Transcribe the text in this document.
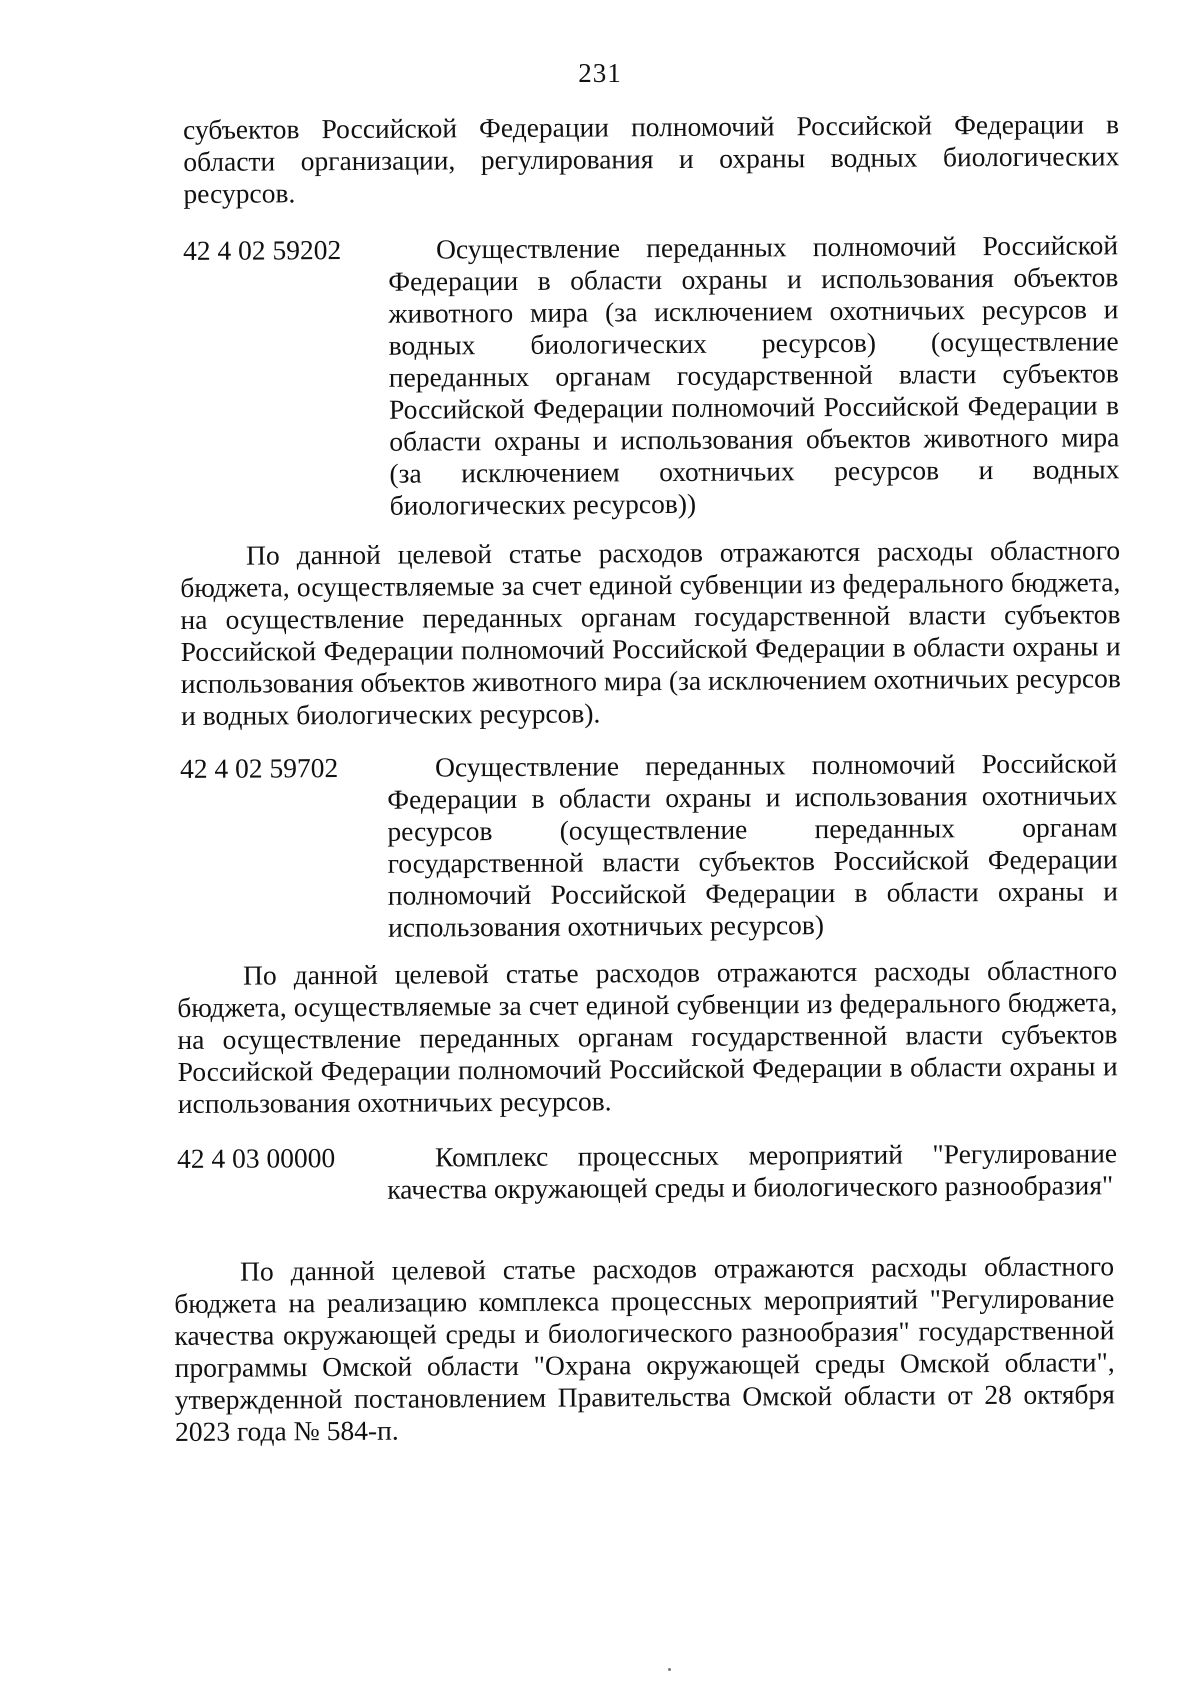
231
субъектов Российской Федерации полномочий Российской Федерации в области организации, регулирования и охраны водных биологических ресурсов.
42 4 02 59202	Осуществление переданных полномочий Российской Федерации в области охраны и использования объектов животного мира (за исключением охотничьих ресурсов и водных биологических ресурсов) (осуществление переданных органам государственной власти субъектов Российской Федерации полномочий Российской Федерации в области охраны и использования объектов животного мира (за исключением охотничьих ресурсов и водных биологических ресурсов))
По данной целевой статье расходов отражаются расходы областного бюджета, осуществляемые за счет единой субвенции из федерального бюджета, на осуществление переданных органам государственной власти субъектов Российской Федерации полномочий Российской Федерации в области охраны и использования объектов животного мира (за исключением охотничьих ресурсов и водных биологических ресурсов).
42 4 02 59702	Осуществление переданных полномочий Российской Федерации в области охраны и использования охотничьих ресурсов (осуществление переданных органам государственной власти субъектов Российской Федерации полномочий Российской Федерации в области охраны и использования охотничьих ресурсов)
По данной целевой статье расходов отражаются расходы областного бюджета, осуществляемые за счет единой субвенции из федерального бюджета, на осуществление переданных органам государственной власти субъектов Российской Федерации полномочий Российской Федерации в области охраны и использования охотничьих ресурсов.
42 4 03 00000	Комплекс процессных мероприятий "Регулирование качества окружающей среды и биологического разнообразия"
По данной целевой статье расходов отражаются расходы областного бюджета на реализацию комплекса процессных мероприятий "Регулирование качества окружающей среды и биологического разнообразия" государственной программы Омской области "Охрана окружающей среды Омской области", утвержденной постановлением Правительства Омской области от 28 октября 2023 года № 584-п.
